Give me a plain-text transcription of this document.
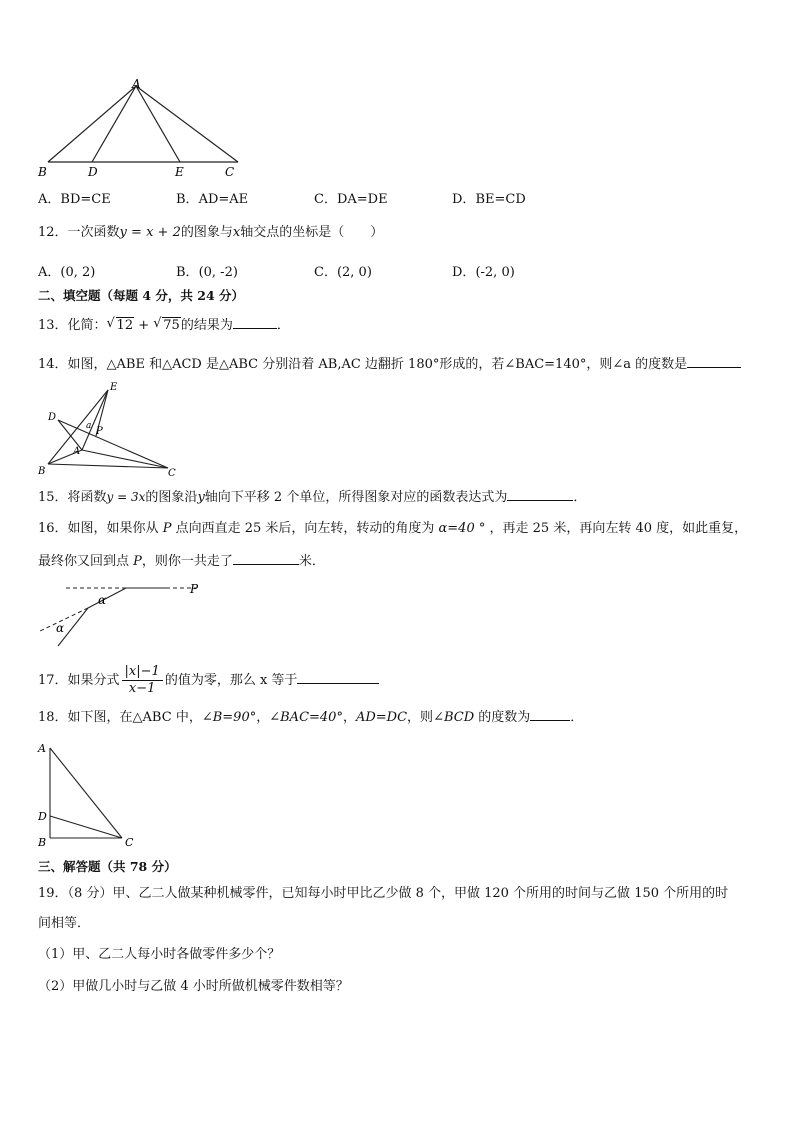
A
B	D	E	C
A．BD=CE	B．AD=AE	C．DA=DE	D．BE=CD
12．一次函数y = x + 2的图象与x轴交点的坐标是（　　）
A．(0, 2)	B．(0, -2)	C．(2, 0)	D．(-2, 0)
二、填空题（每题 4 分，共 24 分）
13．化简： √ 12 + √ 75的结果为	．
14．如图，△ABE 和△ACD 是△ABC 分别沿着 AB,AC 边翻折 180°形成的，若∠BAC=140°，则∠a 的度数是
E
D
a P
A
B	C
15．将函数y = 3x的图象沿y轴向下平移 2 个单位，所得图象对应的函数表达式为	．
16．如图，如果你从 P 点向西直走 25 米后，向左转，转动的角度为 α=40 ° ，再走 25 米，再向左转 40 度，如此重复，
最终你又回到点 P，则你一共走了	米．
P
α
α
17．如果分式 $\frac{|x|-1}{x-1}$ 的值为零，那么 x 等于
18．如下图，在△ABC 中，∠B=90°，∠BAC=40°，AD=DC，则∠BCD 的度数为	．
A
D
B	C
三、解答题（共 78 分）
19．（8 分）甲、乙二人做某种机械零件，已知每小时甲比乙少做 8 个，甲做 120 个所用的时间与乙做 150 个所用的时
间相等．
（1）甲、乙二人每小时各做零件多少个？
（2）甲做几小时与乙做 4 小时所做机械零件数相等？
